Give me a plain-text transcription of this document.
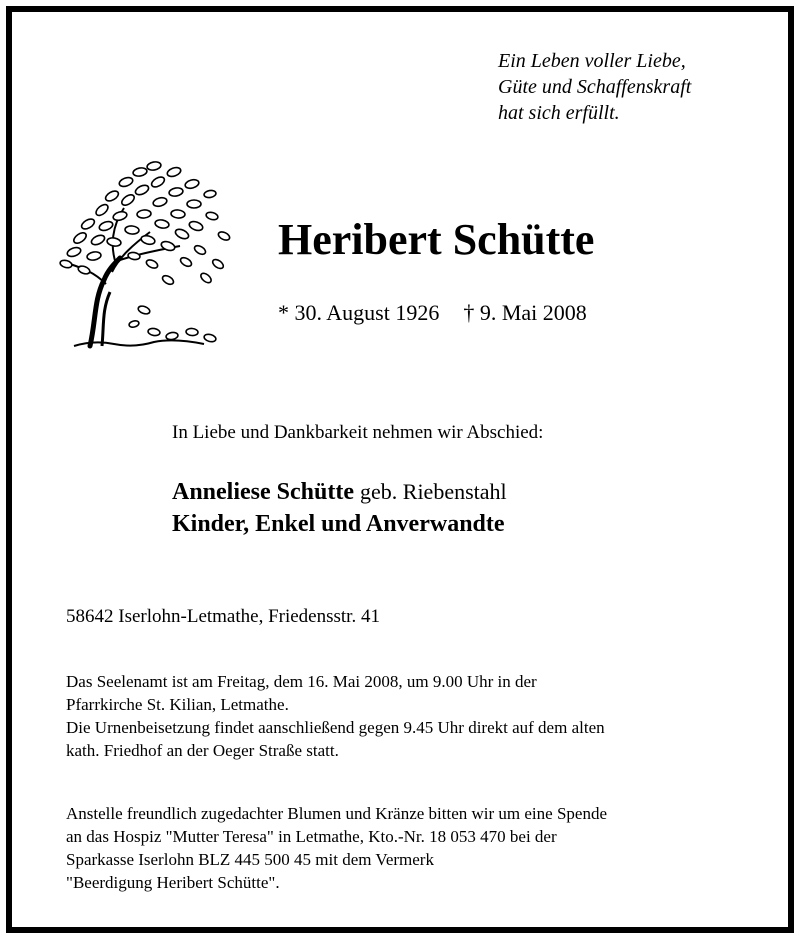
Ein Leben voller Liebe,
Güte und Schaffenskraft
hat sich erfüllt.
Heribert Schütte
* 30. August 1926 † 9. Mai 2008
In Liebe und Dankbarkeit nehmen wir Abschied:
Anneliese Schütte geb. Riebenstahl
Kinder, Enkel und Anverwandte
58642 Iserlohn-Letmathe, Friedensstr. 41
Das Seelenamt ist am Freitag, dem 16. Mai 2008, um 9.00 Uhr in der
Pfarrkirche St. Kilian, Letmathe.
Die Urnenbeisetzung findet aanschließend gegen 9.45 Uhr direkt auf dem alten
kath. Friedhof an der Oeger Straße statt.
Anstelle freundlich zugedachter Blumen und Kränze bitten wir um eine Spende
an das Hospiz "Mutter Teresa" in Letmathe, Kto.-Nr. 18 053 470 bei der
Sparkasse Iserlohn BLZ 445 500 45 mit dem Vermerk
"Beerdigung Heribert Schütte".
